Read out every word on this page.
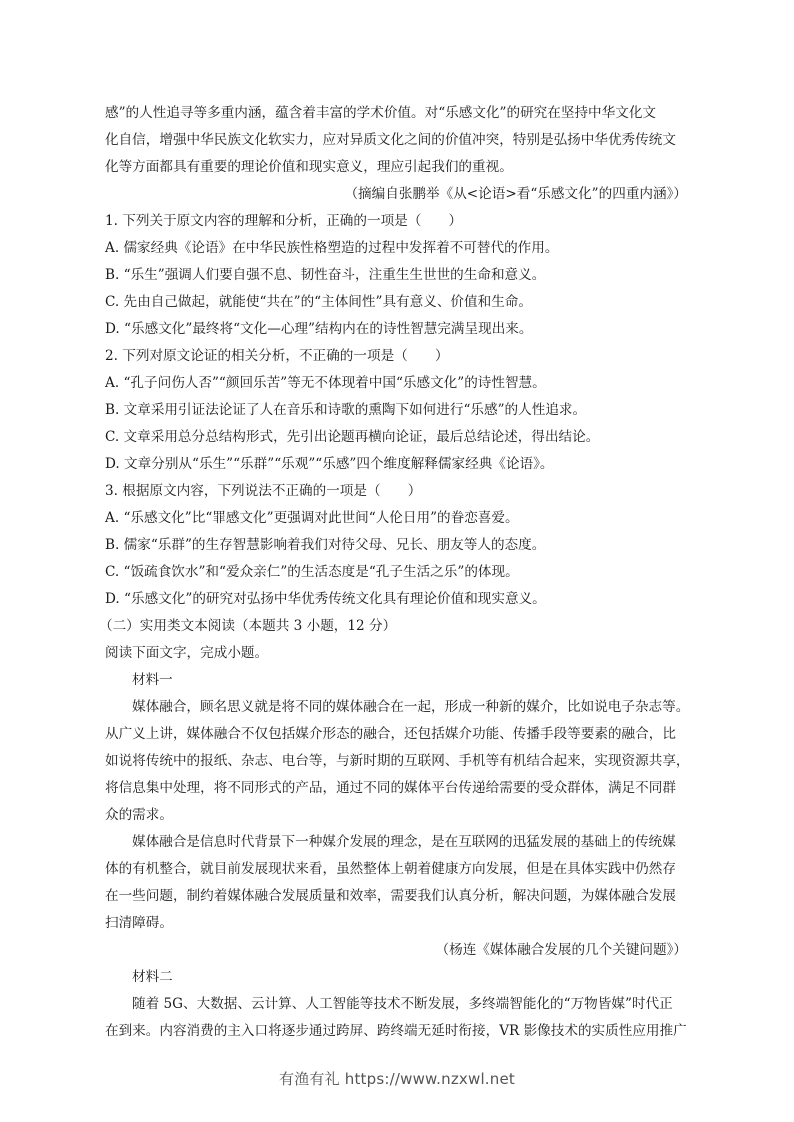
感”的人性追寻等多重内涵，蕴含着丰富的学术价值。对“乐感文化”的研究在坚持中华文化文
化自信，增强中华民族文化软实力，应对异质文化之间的价值冲突，特别是弘扬中华优秀传统文
化等方面都具有重要的理论价值和现实意义，理应引起我们的重视。
（摘编自张鹏举《从<论语>看“乐感文化”的四重内涵》）
1. 下列关于原文内容的理解和分析，正确的一项是（　　）
A. 儒家经典《论语》在中华民族性格塑造的过程中发挥着不可替代的作用。
B. “乐生”强调人们要自强不息、韧性奋斗，注重生生世世的生命和意义。
C. 先由自己做起，就能使“共在”的“主体间性”具有意义、价值和生命。
D. “乐感文化”最终将“文化—心理”结构内在的诗性智慧完满呈现出来。
2. 下列对原文论证的相关分析，不正确的一项是（　　）
A. “孔子问伤人否”“颜回乐苦”等无不体现着中国“乐感文化”的诗性智慧。
B. 文章采用引证法论证了人在音乐和诗歌的熏陶下如何进行“乐感”的人性追求。
C. 文章采用总分总结构形式，先引出论题再横向论证，最后总结论述，得出结论。
D. 文章分别从“乐生”“乐群”“乐观”“乐感”四个维度解释儒家经典《论语》。
3. 根据原文内容，下列说法不正确的一项是（　　）
A. “乐感文化”比“罪感文化”更强调对此世间“人伦日用”的眷恋喜爱。
B. 儒家“乐群”的生存智慧影响着我们对待父母、兄长、朋友等人的态度。
C. “饭疏食饮水”和“爱众亲仁”的生活态度是“孔子生活之乐”的体现。
D. “乐感文化”的研究对弘扬中华优秀传统文化具有理论价值和现实意义。
（二）实用类文本阅读（本题共 3 小题，12 分）
阅读下面文字，完成小题。
材料一
媒体融合，顾名思义就是将不同的媒体融合在一起，形成一种新的媒介，比如说电子杂志等。
从广义上讲，媒体融合不仅包括媒介形态的融合，还包括媒介功能、传播手段等要素的融合，比
如说将传统中的报纸、杂志、电台等，与新时期的互联网、手机等有机结合起来，实现资源共享，
将信息集中处理，将不同形式的产品，通过不同的媒体平台传递给需要的受众群体，满足不同群
众的需求。
媒体融合是信息时代背景下一种媒介发展的理念，是在互联网的迅猛发展的基础上的传统媒
体的有机整合，就目前发展现状来看，虽然整体上朝着健康方向发展，但是在具体实践中仍然存
在一些问题，制约着媒体融合发展质量和效率，需要我们认真分析，解决问题，为媒体融合发展
扫清障碍。
（杨连《媒体融合发展的几个关键问题》）
材料二
随着 5G、大数据、云计算、人工智能等技术不断发展，多终端智能化的“万物皆媒”时代正
在到来。内容消费的主入口将逐步通过跨屏、跨终端无延时衔接，VR 影像技术的实质性应用推广
有渔有礼 https://www.nzxwl.net
